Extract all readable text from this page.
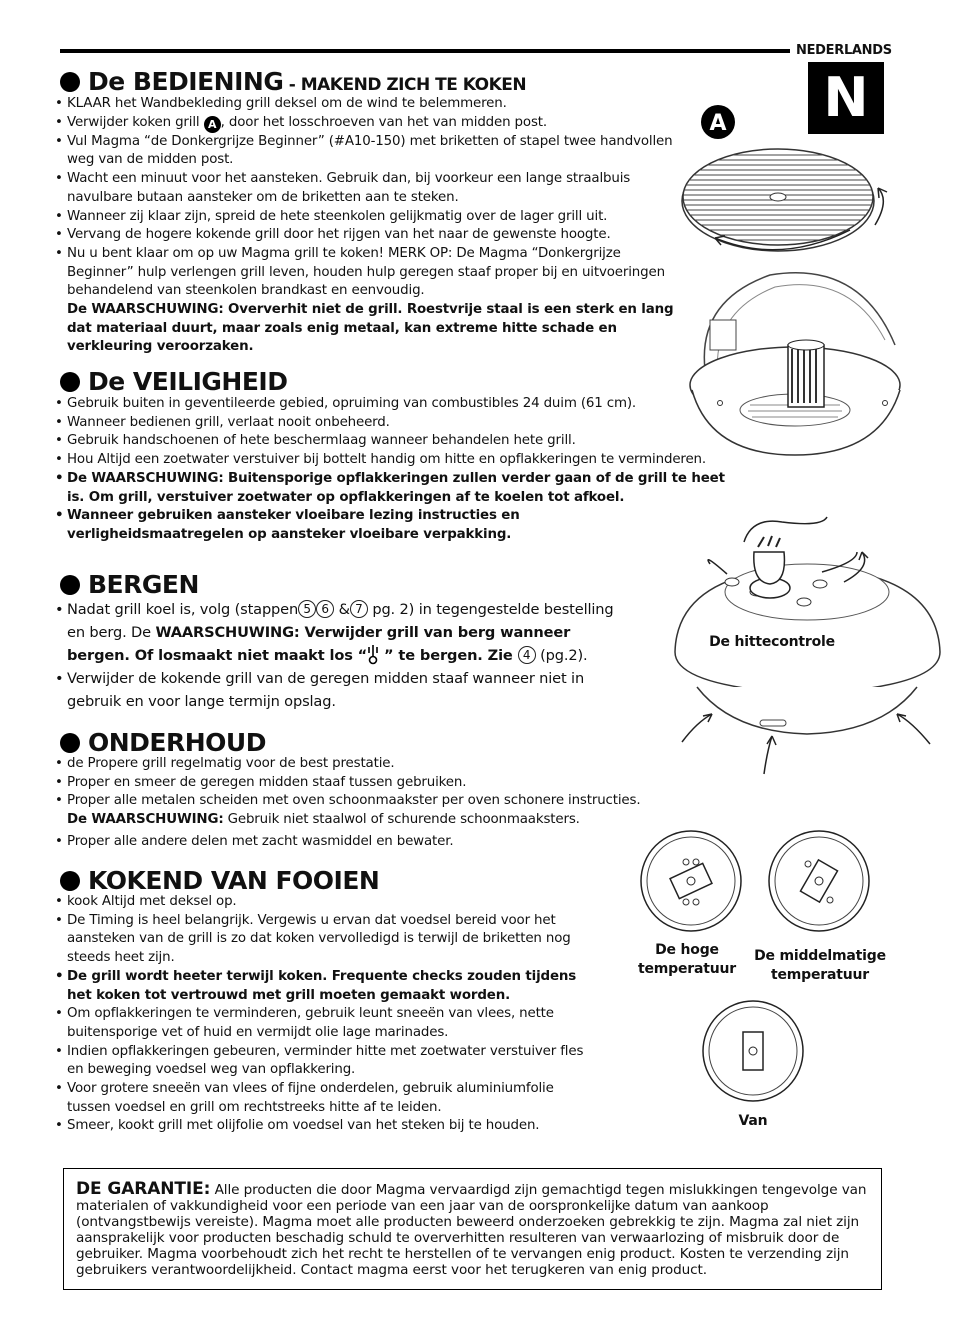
NEDERLANDS
N
De BEDIENING - MAKEND ZICH TE KOKEN
• KLAAR het Wandbekleding grill deksel om de wind te belemmeren.
• Verwijder koken grill A , door het losschroeven van het van midden post.
• Vul Magma “de Donkergrijze Beginner” (#A10-150) met briketten of stapel twee handvollen weg van de midden post.
• Wacht een minuut voor het aansteken. Gebruik dan, bij voorkeur een lange straalbuis navulbare butaan aansteker om de briketten aan te steken.
• Wanneer zij klaar zijn, spreid de hete steenkolen gelijkmatig over de lager grill uit.
• Vervang de hogere kokende grill door het rijgen van het naar de gewenste hoogte.
• Nu u bent klaar om op uw Magma grill te koken! MERK OP: De Magma “Donkergrijze Beginner” hulp verlengen grill leven, houden hulp geregen staaf proper bij en uitvoeringen behandelend van steenkolen brandkast en eenvoudig.
De WAARSCHUWING: Oververhit niet de grill. Roestvrije staal is een sterk en lang dat materiaal duurt, maar zoals enig metaal, kan extreme hitte schade en verkleuring veroorzaken.
De VEILIGHEID
• Gebruik buiten in geventileerde gebied, opruiming van combustibles 24 duim (61 cm).
• Wanneer bedienen grill, verlaat nooit onbeheerd.
• Gebruik handschoenen of hete beschermlaag wanneer behandelen hete grill.
• Hou Altijd een zoetwater verstuiver bij bottelt handig om hitte en opflakkeringen te verminderen.
• De WAARSCHUWING: Buitensporige opflakkeringen zullen verder gaan of de grill te heet is. Om grill, verstuiver zoetwater op opflakkeringen af te koelen tot afkoel.
• Wanneer gebruiken aansteker vloeibare lezing instructies en verligheidsmaatregelen op aansteker vloeibare verpakking.
BERGEN
• Nadat grill koel is, volg (stappen 5 6 & 7 pg. 2) in tegengestelde bestelling en berg. De WAARSCHUWING: Verwijder grill van berg wanneer bergen. Of losmaakt niet maakt los “ ” te bergen. Zie 4 (pg.2).
• Verwijder de kokende grill van de geregen midden staaf wanneer niet in gebruik en voor lange termijn opslag.
ONDERHOUD
• de Propere grill regelmatig voor de best prestatie.
• Proper en smeer de geregen midden staaf tussen gebruiken.
• Proper alle metalen scheiden met oven schoonmaakster per oven schonere instructies.
De WAARSCHUWING: Gebruik niet staalwol of schurende schoonmaaksters.
• Proper alle andere delen met zacht wasmiddel en bewater.
KOKEND VAN FOOIEN
• kook Altijd met deksel op.
• De Timing is heel belangrijk. Vergewis u ervan dat voedsel bereid voor het aansteken van de grill is zo dat koken vervolledigd is terwijl de briketten nog steeds heet zijn.
• De grill wordt heeter terwijl koken. Frequente checks zouden tijdens het koken tot vertrouwd met grill moeten gemaakt worden.
• Om opflakkeringen te verminderen, gebruik leunt sneeën van vlees, nette buitensporige vet of huid en vermijdt olie lage marinades.
• Indien opflakkeringen gebeuren, verminder hitte met zoetwater verstuiver fles en beweging voedsel weg van opflakkering.
• Voor grotere sneeën van vlees of fijne onderdelen, gebruik aluminiumfolie tussen voedsel en grill om rechtstreeks hitte af te leiden.
• Smeer, kookt grill met olijfolie om voedsel van het steken bij te houden.
A
De hittecontrole
De hoge
temperatuur
De middelmatige
temperatuur
Van
DE GARANTIE: Alle producten die door Magma vervaardigd zijn gemachtigd tegen mislukkingen tengevolge van materialen of vakkundigheid voor een periode van een jaar van de oorspronkelijke datum van aankoop (ontvangstbewijs vereiste). Magma moet alle producten beweerd onderzoeken gebrekkig te zijn. Magma zal niet zijn aansprakelijk voor producten beschadig schuld te oververhitten resulteren van verwaarlozing of misbruik door de gebruiker. Magma voorbehoudt zich het recht te herstellen of te vervangen enig product. Kosten te verzending zijn gebruikers verantwoordelijkheid. Contact magma eerst voor het terugkeren van enig product.
